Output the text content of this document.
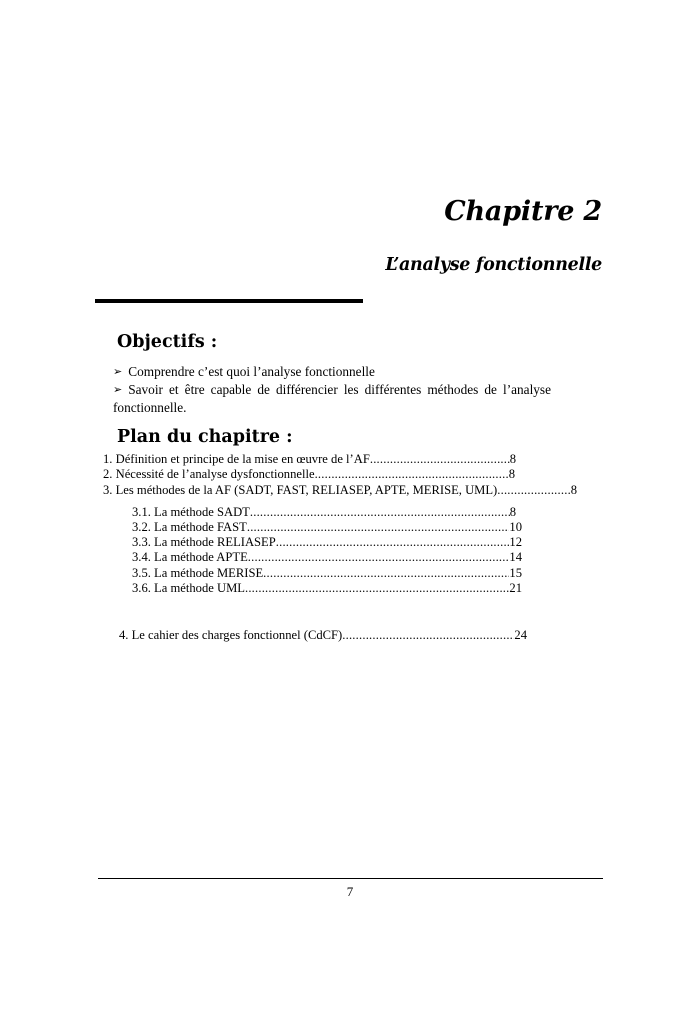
Chapitre 2
L’analyse fonctionnelle
Objectifs :
➢ Comprendre c’est quoi l’analyse fonctionnelle
➢ Savoir et être capable de différencier les différentes méthodes de l’analyse
fonctionnelle.
Plan du chapitre :
1. Définition et principe de la mise en œuvre de l’AF .....	8
2. Nécessité de l’analyse dysfonctionnelle .....	8
3. Les méthodes de la AF (SADT, FAST, RELIASEP, APTE, MERISE, UML) .....	8
3.1. La méthode SADT .....	8
3.2. La méthode FAST .....	10
3.3. La méthode RELIASEP .....	12
3.4. La méthode APTE .....	14
3.5. La méthode MERISE .....	15
3.6. La méthode UML .....	21
4. Le cahier des charges fonctionnel (CdCF) .....	24
7
